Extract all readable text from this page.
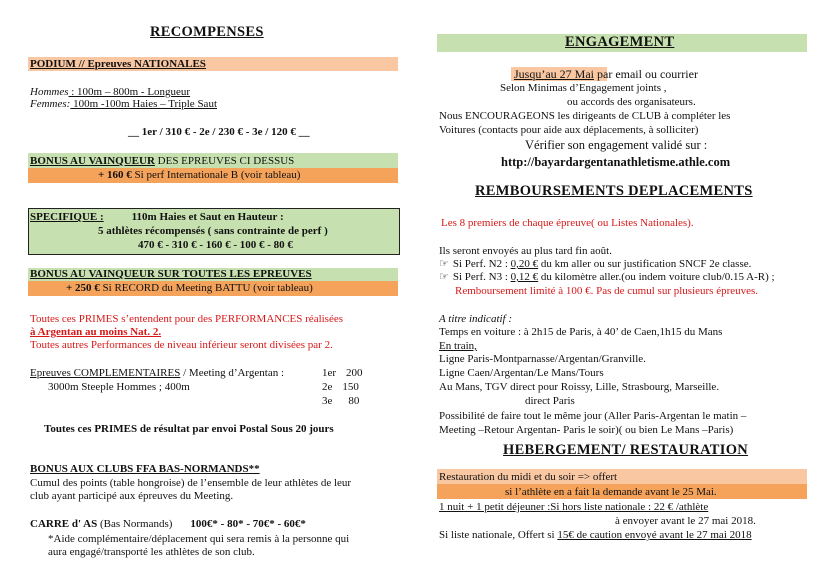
RECOMPENSES
PODIUM // Epreuves NATIONALES
Hommes : 100m – 800m - Longueur
Femmes: 100m -100m Haies – Triple Saut
__ 1er / 310 € - 2e / 230 € - 3e / 120 € __
BONUS AU VAINQUEUR DES EPREUVES CI DESSUS
+ 160 € Si perf Internationale B (voir tableau)
SPECIFIQUE :	110m Haies et Saut en Hauteur :
5 athlètes récompensés ( sans contrainte de perf )
470 € - 310 € - 160 € - 100 € - 80 €
BONUS AU VAINQUEUR SUR TOUTES LES EPREUVES
+ 250 € Si RECORD du Meeting BATTU (voir tableau)
Toutes ces PRIMES s’entendent pour des PERFORMANCES réalisées
à Argentan au moins Nat. 2.
Toutes autres Performances de niveau inférieur seront divisées par 2.
Epreuves COMPLEMENTAIRES / Meeting d’Argentan :
3000m Steeple Hommes ; 400m
1er 200
2e 150
3e 80
Toutes ces PRIMES de résultat par envoi Postal Sous 20 jours
BONUS AUX CLUBS FFA BAS-NORMANDS**
Cumul des points (table hongroise) de l’ensemble de leur athlètes de leur
club ayant participé aux épreuves du Meeting.
CARRE d' AS (Bas Normands) 100€* - 80* - 70€* - 60€*
*Aide complémentaire/déplacement qui sera remis à la personne qui
aura engagé/transporté les athlètes de son club.
ENGAGEMENT
Jusqu’au 27 Mai par email ou courrier
Selon Minimas d’Engagement joints ,
ou accords des organisateurs.
Nous ENCOURAGEONS les dirigeants de CLUB à compléter les
Voitures (contacts pour aide aux déplacements, à solliciter)
Vérifier son engagement validé sur :
http://bayardargentanathletisme.athle.com
REMBOURSEMENTS DEPLACEMENTS
Les 8 premiers de chaque épreuve( ou Listes Nationales).
Ils seront envoyés au plus tard fin août.
☞ Si Perf. N2 : 0,20 € du km aller ou sur justification SNCF 2e classe.
☞ Si Perf. N3 : 0,12 € du kilomètre aller.(ou indem voiture club/0.15 A-R) ;
Remboursement limité à 100 €. Pas de cumul sur plusieurs épreuves.
A titre indicatif :
Temps en voiture : à 2h15 de Paris, à 40’ de Caen,1h15 du Mans
En train,
Ligne Paris-Montparnasse/Argentan/Granville.
Ligne Caen/Argentan/Le Mans/Tours
Au Mans, TGV direct pour Roissy, Lille, Strasbourg, Marseille.
direct Paris
Possibilité de faire tout le même jour (Aller Paris-Argentan le matin –
Meeting –Retour Argentan- Paris le soir)( ou bien Le Mans –Paris)
HEBERGEMENT/ RESTAURATION
Restauration du midi et du soir => offert
si l’athlète en a fait la demande avant le 25 Mai.
1 nuit + 1 petit déjeuner :Si hors liste nationale : 22 € /athlète
à envoyer avant le 27 mai 2018.
Si liste nationale, Offert si 15€ de caution envoyé avant le 27 mai 2018
